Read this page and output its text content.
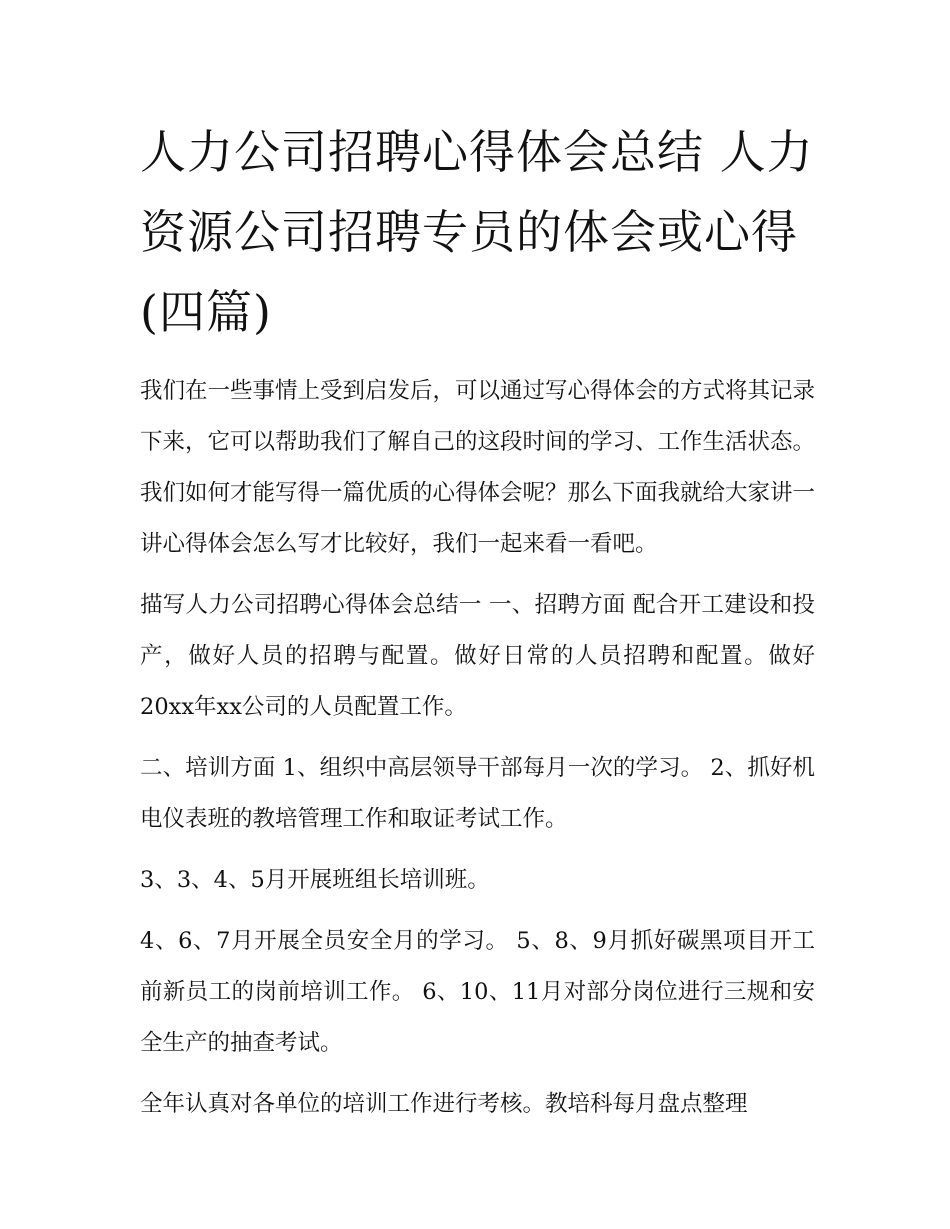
人力公司招聘心得体会总结 人力资源公司招聘专员的体会或心得(四篇)

我们在一些事情上受到启发后，可以通过写心得体会的方式将其记录下来，它可以帮助我们了解自己的这段时间的学习、工作生活状态。我们如何才能写得一篇优质的心得体会呢？那么下面我就给大家讲一讲心得体会怎么写才比较好，我们一起来看一看吧。

描写人力公司招聘心得体会总结一 一、招聘方面 配合开工建设和投产，做好人员的招聘与配置。做好日常的人员招聘和配置。做好20xx年xx公司的人员配置工作。

二、培训方面 1、组织中高层领导干部每月一次的学习。 2、抓好机电仪表班的教培管理工作和取证考试工作。

3、3、4、5月开展班组长培训班。

4、6、7月开展全员安全月的学习。 5、8、9月抓好碳黑项目开工前新员工的岗前培训工作。 6、10、11月对部分岗位进行三规和安全生产的抽查考试。

全年认真对各单位的培训工作进行考核。教培科每月盘点整理
